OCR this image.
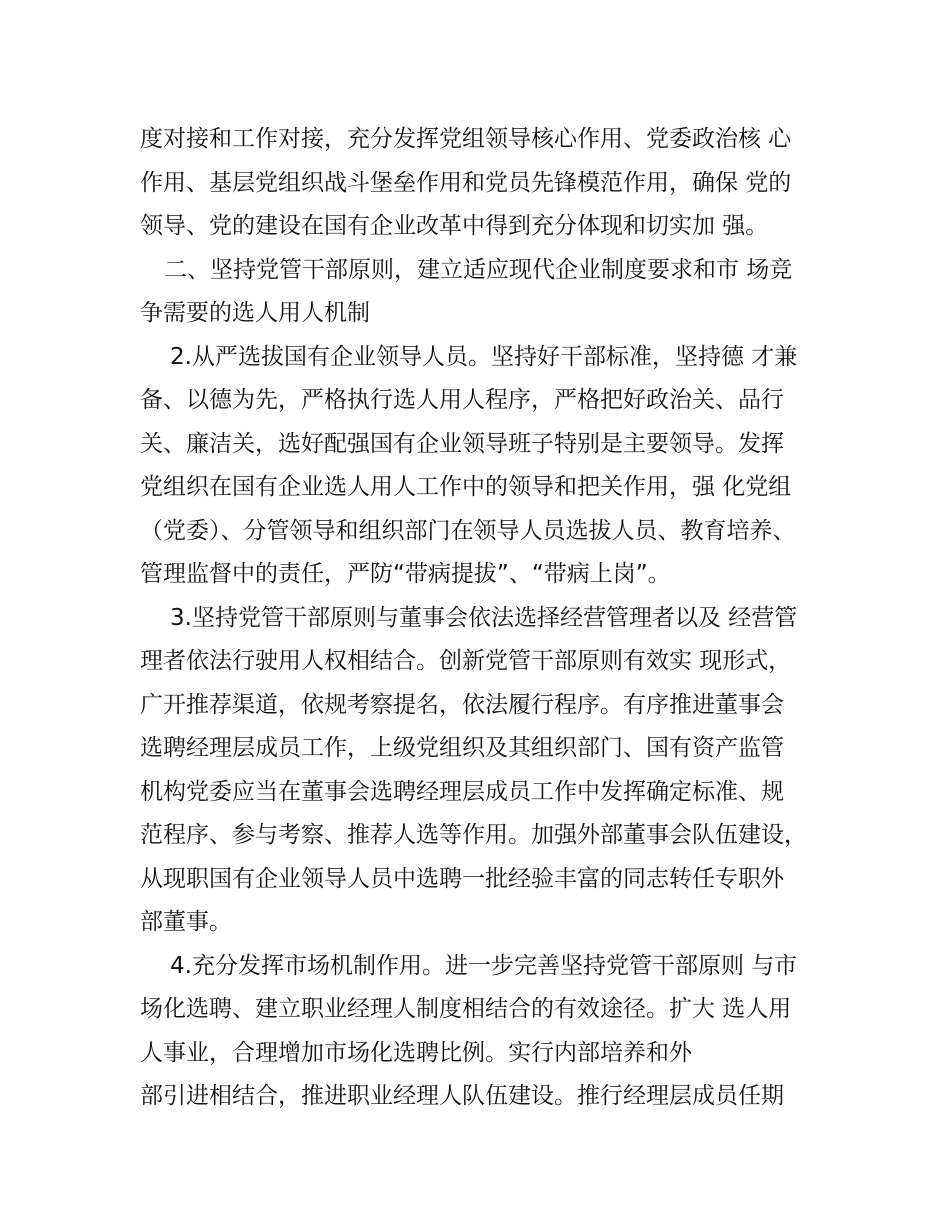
度对接和工作对接，充分发挥党组领导核心作用、党委政治核 心
作用、基层党组织战斗堡垒作用和党员先锋模范作用，确保 党的
领导、党的建设在国有企业改革中得到充分体现和切实加 强。
二、坚持党管干部原则，建立适应现代企业制度要求和市 场竞
争需要的选人用人机制
2.从严选拔国有企业领导人员。坚持好干部标准，坚持德 才兼
备、以德为先，严格执行选人用人程序，严格把好政治关、品行
关、廉洁关，选好配强国有企业领导班子特别是主要领导。发挥
党组织在国有企业选人用人工作中的领导和把关作用，强 化党组
（党委）、分管领导和组织部门在领导人员选拔人员、教育培养、
管理监督中的责任，严防“带病提拔”、“带病上岗”。
3.坚持党管干部原则与董事会依法选择经营管理者以及 经营管
理者依法行驶用人权相结合。创新党管干部原则有效实 现形式，
广开推荐渠道，依规考察提名，依法履行程序。有序推进董事会
选聘经理层成员工作，上级党组织及其组织部门、国有资产监管
机构党委应当在董事会选聘经理层成员工作中发挥确定标准、规
范程序、参与考察、推荐人选等作用。加强外部董事会队伍建设，
从现职国有企业领导人员中选聘一批经验丰富的同志转任专职外
部董事。
4.充分发挥市场机制作用。进一步完善坚持党管干部原则 与市
场化选聘、建立职业经理人制度相结合的有效途径。扩大 选人用
人事业，合理增加市场化选聘比例。实行内部培养和外
部引进相结合，推进职业经理人队伍建设。推行经理层成员任期
